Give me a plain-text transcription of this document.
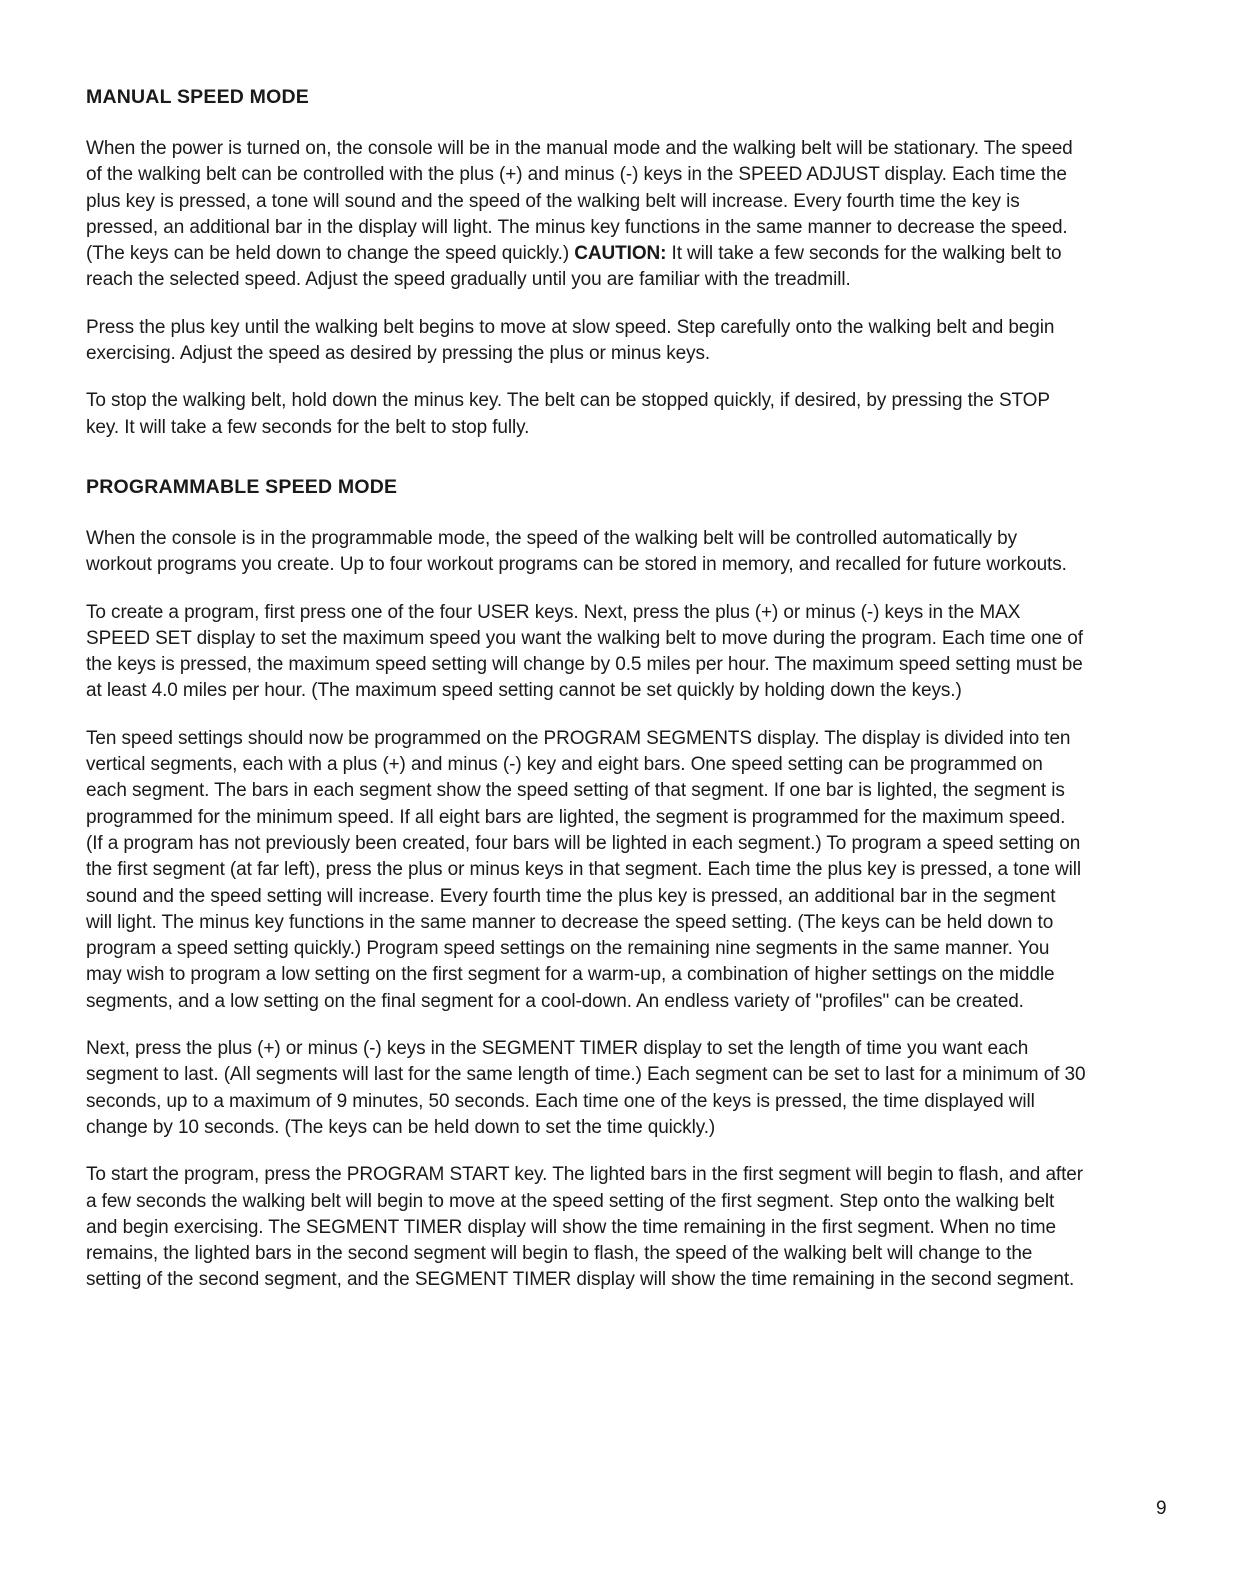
MANUAL SPEED MODE

When the power is turned on, the console will be in the manual mode and the walking belt will be stationary. The speed of the walking belt can be controlled with the plus (+) and minus (-) keys in the SPEED ADJUST display. Each time the plus key is pressed, a tone will sound and the speed of the walking belt will increase. Every fourth time the key is pressed, an additional bar in the display will light. The minus key functions in the same manner to decrease the speed. (The keys can be held down to change the speed quickly.) CAUTION: It will take a few seconds for the walking belt to reach the selected speed. Adjust the speed gradually until you are familiar with the treadmill.

Press the plus key until the walking belt begins to move at slow speed. Step carefully onto the walking belt and begin exercising. Adjust the speed as desired by pressing the plus or minus keys.

To stop the walking belt, hold down the minus key. The belt can be stopped quickly, if desired, by pressing the STOP key. It will take a few seconds for the belt to stop fully.

PROGRAMMABLE SPEED MODE

When the console is in the programmable mode, the speed of the walking belt will be controlled automatically by workout programs you create. Up to four workout programs can be stored in memory, and recalled for future workouts.

To create a program, first press one of the four USER keys. Next, press the plus (+) or minus (-) keys in the MAX SPEED SET display to set the maximum speed you want the walking belt to move during the program. Each time one of the keys is pressed, the maximum speed setting will change by 0.5 miles per hour. The maximum speed setting must be at least 4.0 miles per hour. (The maximum speed setting cannot be set quickly by holding down the keys.)

Ten speed settings should now be programmed on the PROGRAM SEGMENTS display. The display is divided into ten vertical segments, each with a plus (+) and minus (-) key and eight bars. One speed setting can be programmed on each segment. The bars in each segment show the speed setting of that segment. If one bar is lighted, the segment is programmed for the minimum speed. If all eight bars are lighted, the segment is programmed for the maximum speed. (If a program has not previously been created, four bars will be lighted in each segment.) To program a speed setting on the first segment (at far left), press the plus or minus keys in that segment. Each time the plus key is pressed, a tone will sound and the speed setting will increase. Every fourth time the plus key is pressed, an additional bar in the segment will light. The minus key functions in the same manner to decrease the speed setting. (The keys can be held down to program a speed setting quickly.) Program speed settings on the remaining nine segments in the same manner. You may wish to program a low setting on the first segment for a warm-up, a combination of higher settings on the middle segments, and a low setting on the final segment for a cool-down. An endless variety of "profiles" can be created.

Next, press the plus (+) or minus (-) keys in the SEGMENT TIMER display to set the length of time you want each segment to last. (All segments will last for the same length of time.) Each segment can be set to last for a minimum of 30 seconds, up to a maximum of 9 minutes, 50 seconds. Each time one of the keys is pressed, the time displayed will change by 10 seconds. (The keys can be held down to set the time quickly.)

To start the program, press the PROGRAM START key. The lighted bars in the first segment will begin to flash, and after a few seconds the walking belt will begin to move at the speed setting of the first segment. Step onto the walking belt and begin exercising. The SEGMENT TIMER display will show the time remaining in the first segment. When no time remains, the lighted bars in the second segment will begin to flash, the speed of the walking belt will change to the setting of the second segment, and the SEGMENT TIMER display will show the time remaining in the second segment.

9
